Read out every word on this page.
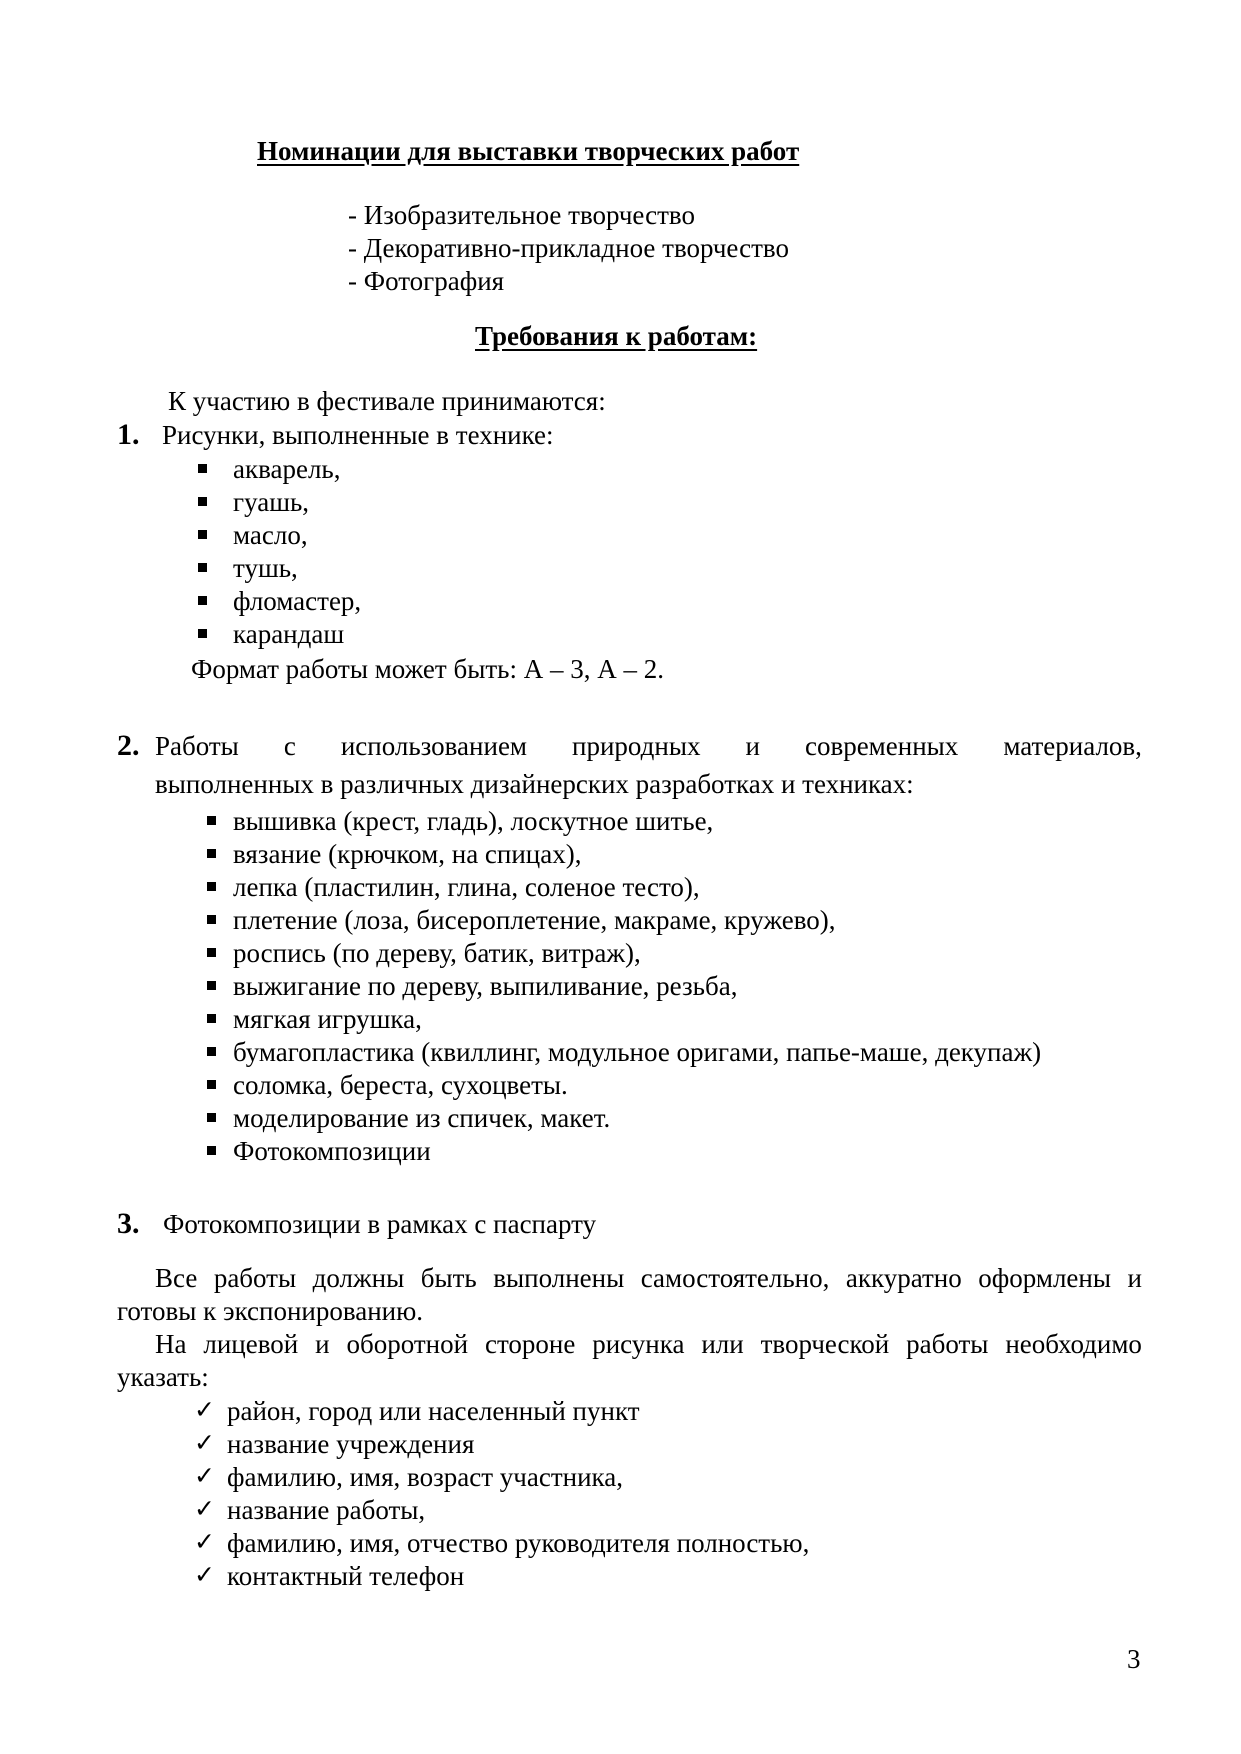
Номинации для выставки творческих работ
- Изобразительное творчество
- Декоративно-прикладное творчество
- Фотография
Требования к работам:
К участию в фестивале принимаются:
1. Рисунки, выполненные в технике:
акварель,
гуашь,
масло,
тушь,
фломастер,
карандаш
Формат работы может быть: А – 3, А – 2.
2. Работы с использованием природных и современных материалов,
выполненных в различных дизайнерских разработках и техниках:
вышивка (крест, гладь), лоскутное шитье,
вязание (крючком, на спицах),
лепка (пластилин, глина, соленое тесто),
плетение (лоза, бисероплетение, макраме, кружево),
роспись (по дереву, батик, витраж),
выжигание по дереву, выпиливание, резьба,
мягкая игрушка,
бумагопластика (квиллинг, модульное оригами, папье-маше, декупаж)
соломка, береста, сухоцветы.
моделирование из спичек, макет.
Фотокомпозиции
3. Фотокомпозиции в рамках с паспарту
Все работы должны быть выполнены самостоятельно, аккуратно оформлены и
готовы к экспонированию.
На лицевой и оборотной стороне рисунка или творческой работы необходимо
указать:
✓ район, город или населенный пункт
✓ название учреждения
✓ фамилию, имя, возраст участника,
✓ название работы,
✓ фамилию, имя, отчество руководителя полностью,
✓ контактный телефон
3
